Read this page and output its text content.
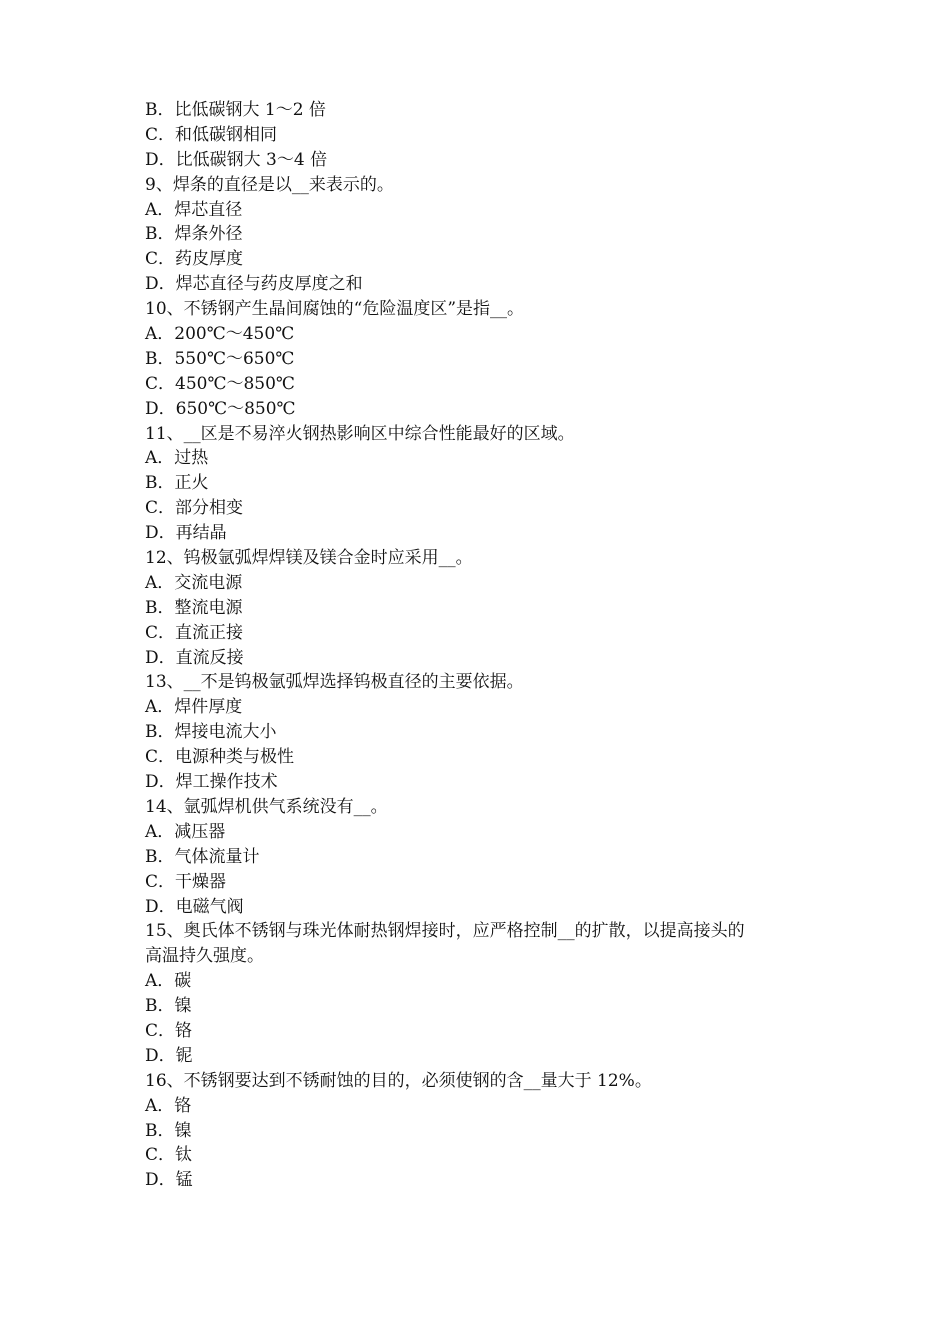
B．比低碳钢大 1～2 倍
C．和低碳钢相同
D．比低碳钢大 3～4 倍
9、焊条的直径是以__来表示的。
A．焊芯直径
B．焊条外径
C．药皮厚度
D．焊芯直径与药皮厚度之和
10、不锈钢产生晶间腐蚀的“危险温度区”是指__。
A．200℃～450℃
B．550℃～650℃
C．450℃～850℃
D．650℃～850℃
11、__区是不易淬火钢热影响区中综合性能最好的区域。
A．过热
B．正火
C．部分相变
D．再结晶
12、钨极氩弧焊焊镁及镁合金时应采用__。
A．交流电源
B．整流电源
C．直流正接
D．直流反接
13、__不是钨极氩弧焊选择钨极直径的主要依据。
A．焊件厚度
B．焊接电流大小
C．电源种类与极性
D．焊工操作技术
14、氩弧焊机供气系统没有__。
A．减压器
B．气体流量计
C．干燥器
D．电磁气阀
15、奥氏体不锈钢与珠光体耐热钢焊接时，应严格控制__的扩散，以提高接头的
高温持久强度。
A．碳
B．镍
C．铬
D．铌
16、不锈钢要达到不锈耐蚀的目的，必须使钢的含__量大于 12%。
A．铬
B．镍
C．钛
D．锰
